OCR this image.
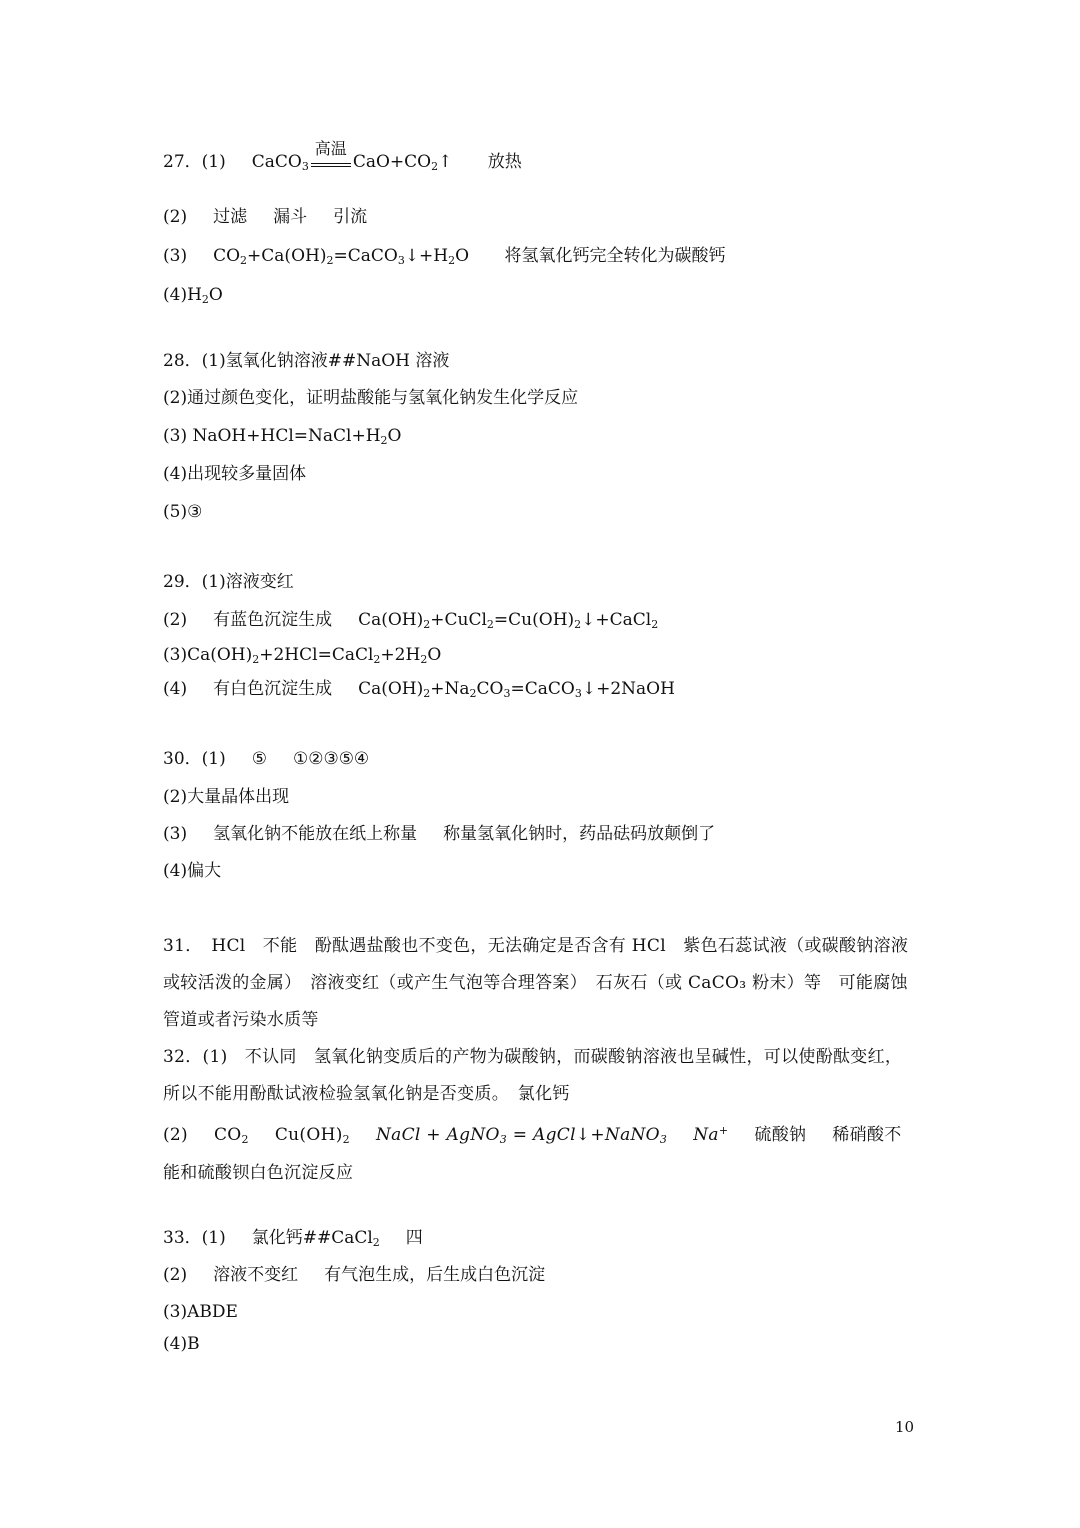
27．(1) CaCO$_3$
高温
$CaO+CO_2↑$ 放热
(2) 过滤 漏斗 引流
(3) $CO_2+Ca(OH)_2=CaCO_3↓+H_2O$ 将氢氧化钙完全转化为碳酸钙
$(4)H_2O$
28．(1)氢氧化钠溶液##NaOH 溶液
(2)通过颜色变化，证明盐酸能与氢氧化钠发生化学反应
(3) $NaOH+HCl=NaCl+H_2O$
(4)出现较多量固体
(5)③
29．(1)溶液变红
(2) 有蓝色沉淀生成 $Ca(OH)_2+CuCl_2=Cu(OH)_2↓+CaCl_2$
$(3)Ca(OH)_2+2HCl=CaCl_2+2H_2O$
(4) 有白色沉淀生成 $Ca(OH)_2+Na_2CO_3=CaCO_3↓+2NaOH$
30．(1) ⑤ ①②③⑤④
(2)大量晶体出现
(3) 氢氧化钠不能放在纸上称量 称量氢氧化钠时，药品砝码放颠倒了
(4)偏大
31．　HCl　不能　酚酞遇盐酸也不变色，无法确定是否含有 HCl　紫色石蕊试液（或碳酸钠溶液或较活泼的金属）　溶液变红（或产生气泡等合理答案）　石灰石（或 CaCO₃ 粉末）等　可能腐蚀管道或者污染水质等
32．(1)　不认同　氢氧化钠变质后的产物为碳酸钠，而碳酸钠溶液也呈碱性，可以使酚酞变红，所以不能用酚酞试液检验氢氧化钠是否变质。　氯化钙
(2) $CO_2$ $Cu(OH)_2$ NaCl + AgNO$_3$ = AgCl↓+NaNO$_3$ Na+ 硫酸钠 稀硝酸不能和硫酸钡白色沉淀反应
33．(1) 氯化钙##CaCl$_2$ 四
(2) 溶液不变红 有气泡生成，后生成白色沉淀
(3)ABDE
(4)B
10
